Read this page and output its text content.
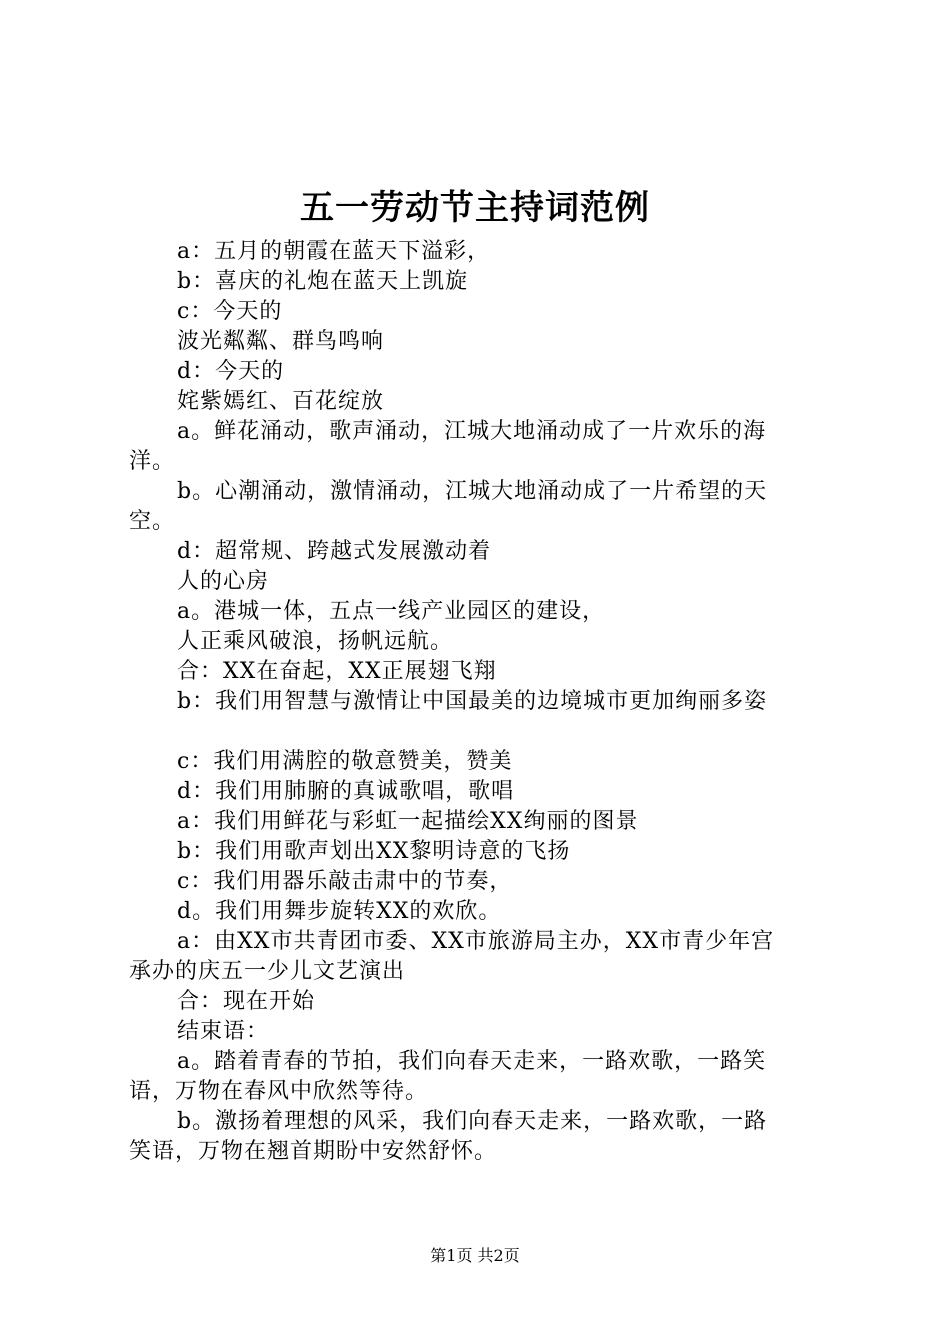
五一劳动节主持词范例
a：五月的朝霞在蓝天下溢彩，
b：喜庆的礼炮在蓝天上凯旋
c：今天的
波光粼粼、群鸟鸣响
d：今天的
姹紫嫣红、百花绽放
a。鲜花涌动，歌声涌动，江城大地涌动成了一片欢乐的海
洋。
b。心潮涌动，激情涌动，江城大地涌动成了一片希望的天
空。
d：超常规、跨越式发展激动着
人的心房
a。港城一体，五点一线产业园区的建设，
人正乘风破浪，扬帆远航。
合：XX在奋起，XX正展翅飞翔
b：我们用智慧与激情让中国最美的边境城市更加绚丽多姿
c：我们用满腔的敬意赞美，赞美
d：我们用肺腑的真诚歌唱，歌唱
a：我们用鲜花与彩虹一起描绘XX绚丽的图景
b：我们用歌声划出XX黎明诗意的飞扬
c：我们用器乐敲击肃中的节奏，
d。我们用舞步旋转XX的欢欣。
a：由XX市共青团市委、XX市旅游局主办，XX市青少年宫
承办的庆五一少儿文艺演出
合：现在开始
结束语：
a。踏着青春的节拍，我们向春天走来，一路欢歌，一路笑
语，万物在春风中欣然等待。
b。激扬着理想的风采，我们向春天走来，一路欢歌，一路
笑语，万物在翘首期盼中安然舒怀。
第1页 共2页
